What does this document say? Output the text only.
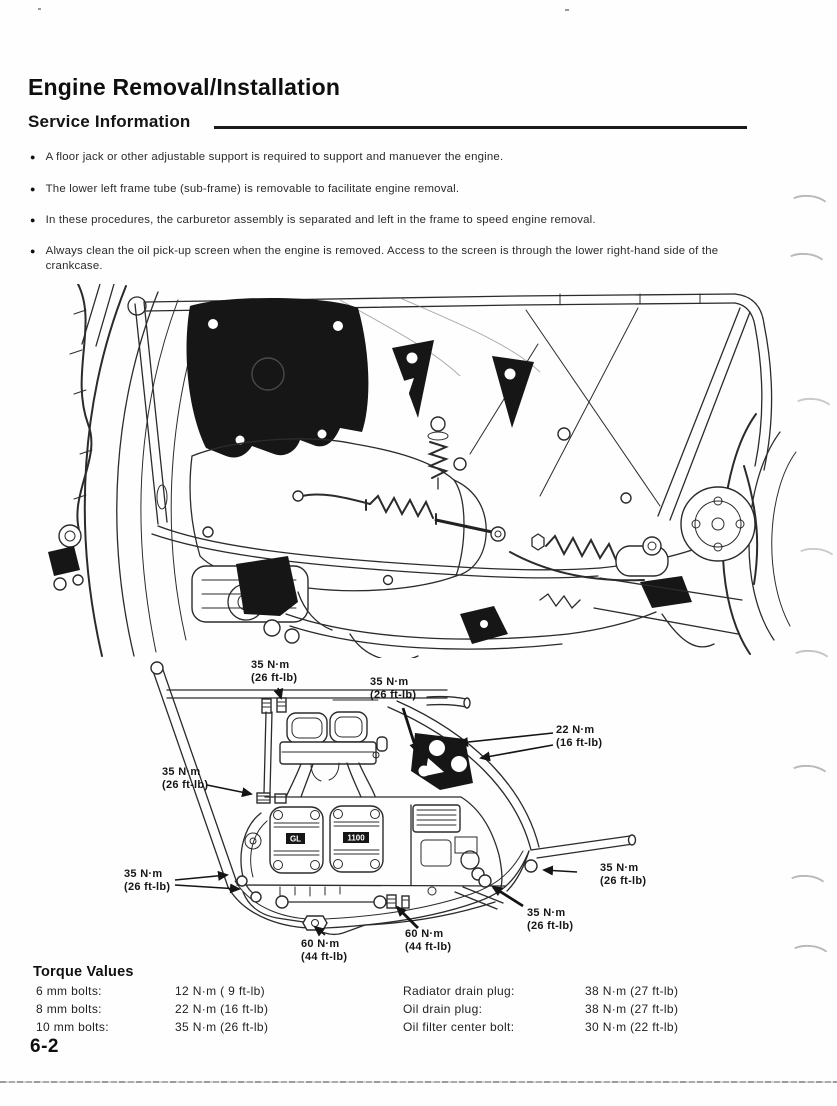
Engine Removal/Installation
Service Information
● A floor jack or other adjustable support is required to support and manuever the engine.
● The lower left frame tube (sub-frame) is removable to facilitate engine removal.
● In these procedures, the carburetor assembly is separated and left in the frame to speed engine removal.
● Always clean the oil pick-up screen when the engine is removed. Access to the screen is through the lower right-hand side of the crankcase.
GL	1100
35 N·m
(26 ft-lb)	35 N·m
(26 ft-lb)
22 N·m
(16 ft-lb)
35 N·m
(26 ft-lb)
35 N·m
(26 ft-lb)
35 N·m
(26 ft-lb)
35 N·m
(26 ft-lb)
60 N·m
(44 ft-lb)
60 N·m
(44 ft-lb)
Torque Values
6 mm bolts:	12 N·m ( 9 ft-lb)	Radiator drain plug:	38 N·m (27 ft-lb)
8 mm bolts:	22 N·m (16 ft-lb)	Oil drain plug:	38 N·m (27 ft-lb)
10 mm bolts:	35 N·m (26 ft-lb)	Oil filter center bolt:	30 N·m (22 ft-lb)
6-2
